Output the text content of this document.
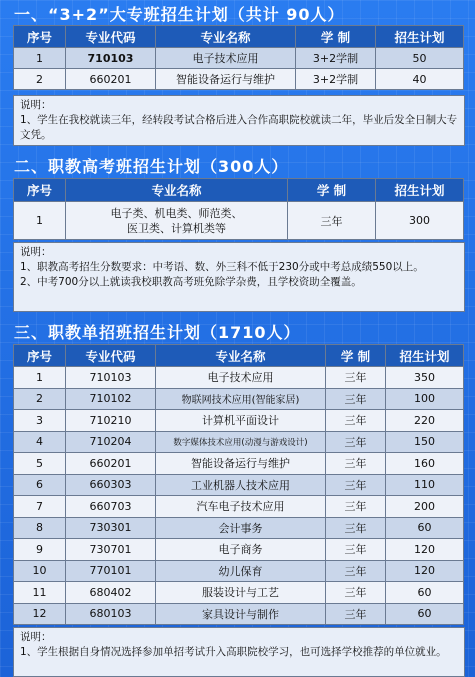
一、“3+2”大专班招生计划（共计 90人）
序号	专业代码	专业名称	学 制	招生计划
1	710103	电子技术应用	3+2学制	50
2	660201	智能设备运行与维护	3+2学制	40

说明：

1、学生在我校就读三年，经转段考试合格后进入合作高职院校就读二年，毕业后发全日制大专文凭。

二、职教高考班招生计划（300人）
序号	专业名称	学 制	招生计划
1	电子类、机电类、师范类、
医卫类、计算机类等	三年	300

说明：

1、职教高考招生分数要求：中考语、数、外三科不低于230分或中考总成绩550以上。

2、中考700分以上就读我校职教高考班免除学杂费，且学校资助全覆盖。

三、职教单招班招生计划（1710人）
序号	专业代码	专业名称	学 制	招生计划
1	710103	电子技术应用	三年	350
2	710102	物联网技术应用(智能家居)	三年	100
3	710210	计算机平面设计	三年	220
4	710204	数字媒体技术应用(动漫与游戏设计)	三年	150
5	660201	智能设备运行与维护	三年	160
6	660303	工业机器人技术应用	三年	110
7	660703	汽车电子技术应用	三年	200
8	730301	会计事务	三年	60
9	730701	电子商务	三年	120
10	770101	幼儿保育	三年	120
11	680402	服装设计与工艺	三年	60
12	680103	家具设计与制作	三年	60

说明：

1、学生根据自身情况选择参加单招考试升入高职院校学习，也可选择学校推荐的单位就业。
